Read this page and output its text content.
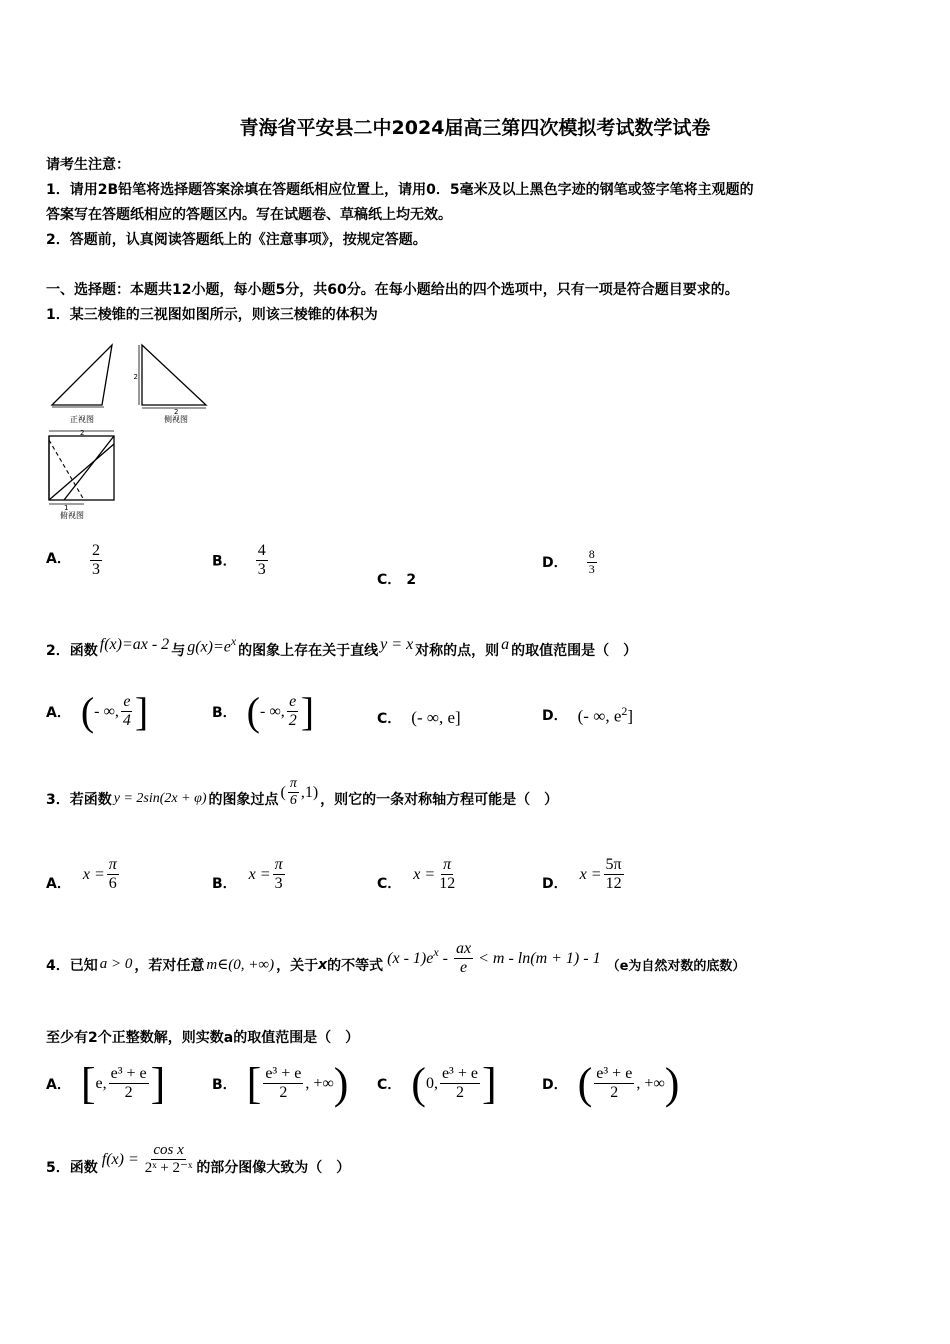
青海省平安县二中2024届高三第四次模拟考试数学试卷
请考生注意：
1．请用2B铅笔将选择题答案涂填在答题纸相应位置上，请用0．5毫米及以上黑色字迹的钢笔或签字笔将主观题的
答案写在答题纸相应的答题区内。写在试题卷、草稿纸上均无效。
2．答题前，认真阅读答题纸上的《注意事项》，按规定答题。
一、选择题：本题共12小题，每小题5分，共60分。在每小题给出的四个选项中，只有一项是符合题目要求的。
1．某三棱锥的三视图如图所示，则该三棱锥的体积为
正视图
2
2
侧视图
2
1
俯视图
A． $\frac{2}{3}$	B． $\frac{4}{3}$
C． 2
D． $\frac{8}{3}$
2．函数 f(x)=ax - 2 与 $g(x)=e^x$
的图象上存在关于直线 y = x 对称的点，则 a 的取值范围是（　）
A． ( - ∞, $\frac{e}{4}$ ]	B． ( - ∞, $\frac{e}{2}$ ]	C． (- ∞, e]	D． (- ∞, $e^2$]
3．若函数 y = 2sin(2x + φ) 的图象过点 ( $\frac{\pi}{6} ,1$) ，则它的一条对称轴方程可能是（　）
A．
$x = \frac{\pi}{6}$	B．
$x = \frac{\pi}{3}$	C．
$x = \frac{\pi}{12}$	D．
$x = \frac{5\pi}{12}$
4．已知 a > 0 ，若对任意 m∈(0, +∞) ，关于 x 的不等式 $(x - 1)e^x - \frac{ax}{e} < m - \ln(m + 1) - 1$ （e为自然对数的底数）
至少有2个正整数解，则实数a的取值范围是（　）
A． [ e, $\frac{\text{e³ + e}}{2}$ ]	B． [ $\frac{\text{e³ + e}}{2}$ , +∞ ) C． ( 0, $\frac{\text{e³ + e}}{2}$ ]	D． ( $\frac{\text{e³ + e}}{2}$ , +∞ )
5．函数 $f(x) = \frac{\text{cos x}}{\text{2ˣ + 2⁻ˣ}}$ 的部分图像大致为（　）
